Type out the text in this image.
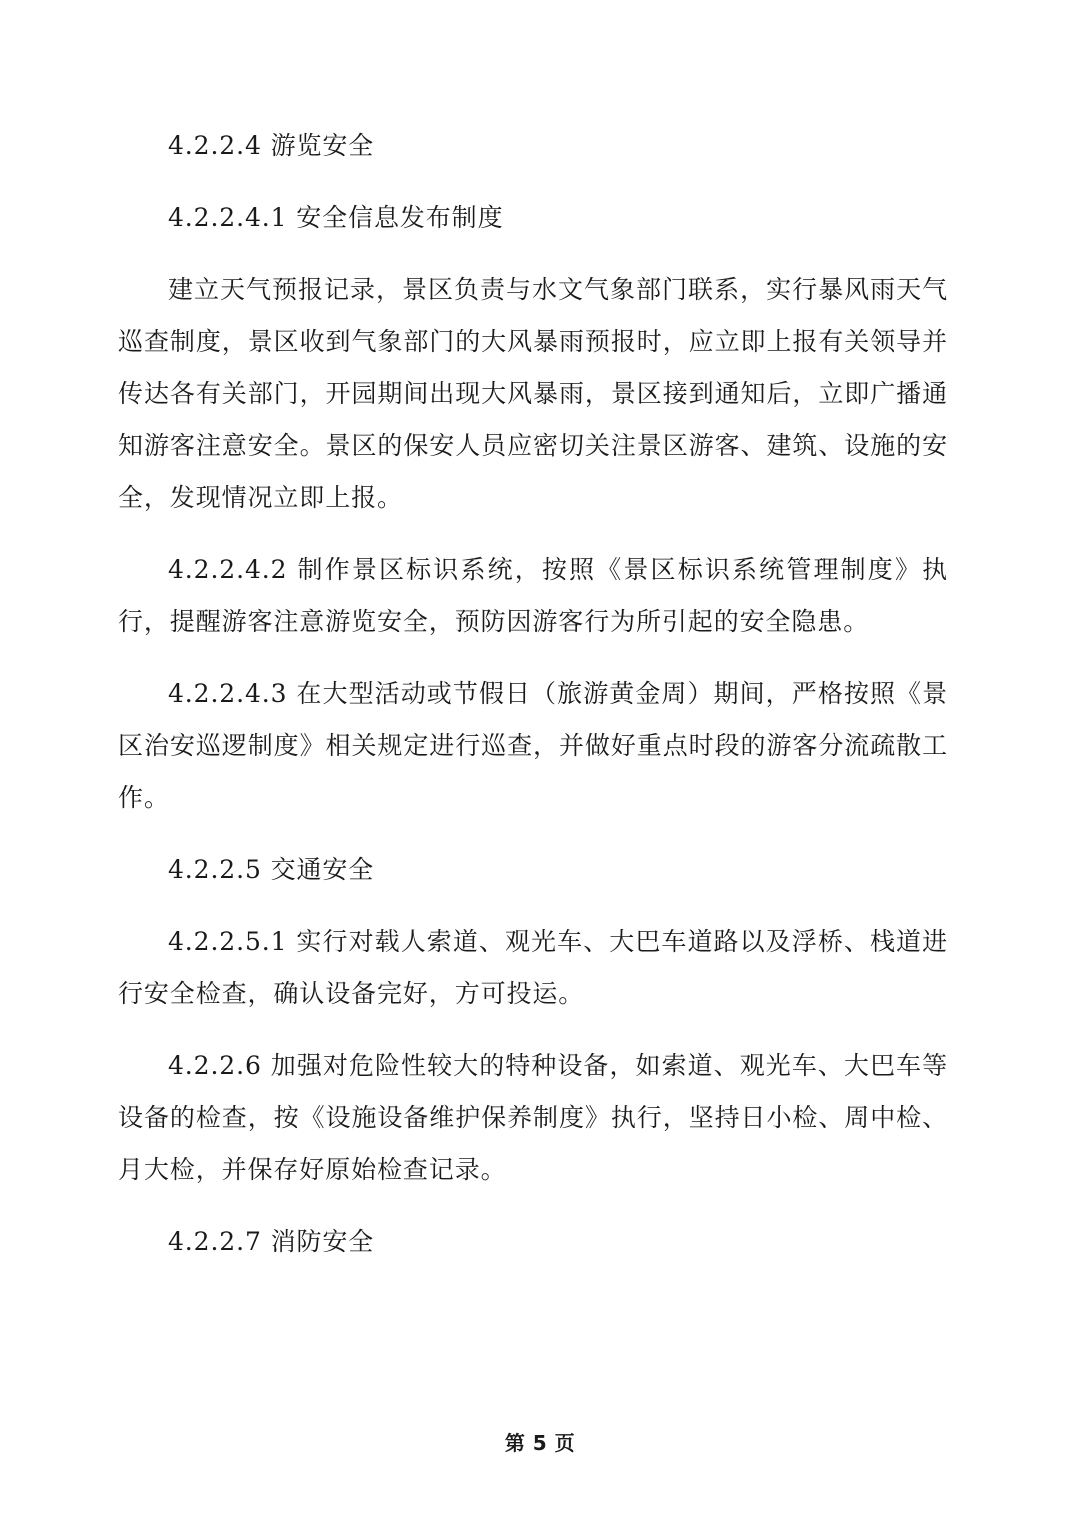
4.2.2.4 游览安全

4.2.2.4.1 安全信息发布制度

建立天气预报记录，景区负责与水文气象部门联系，实行暴风雨天气巡查制度，景区收到气象部门的大风暴雨预报时，应立即上报有关领导并传达各有关部门，开园期间出现大风暴雨，景区接到通知后，立即广播通知游客注意安全。景区的保安人员应密切关注景区游客、建筑、设施的安全，发现情况立即上报。

4.2.2.4.2 制作景区标识系统，按照《景区标识系统管理制度》执行，提醒游客注意游览安全，预防因游客行为所引起的安全隐患。

4.2.2.4.3 在大型活动或节假日（旅游黄金周）期间，严格按照《景区治安巡逻制度》相关规定进行巡查，并做好重点时段的游客分流疏散工作。

4.2.2.5 交通安全

4.2.2.5.1 实行对载人索道、观光车、大巴车道路以及浮桥、栈道进行安全检查，确认设备完好，方可投运。

4.2.2.6 加强对危险性较大的特种设备，如索道、观光车、大巴车等设备的检查，按《设施设备维护保养制度》执行，坚持日小检、周中检、月大检，并保存好原始检查记录。

4.2.2.7 消防安全

第 5 页
